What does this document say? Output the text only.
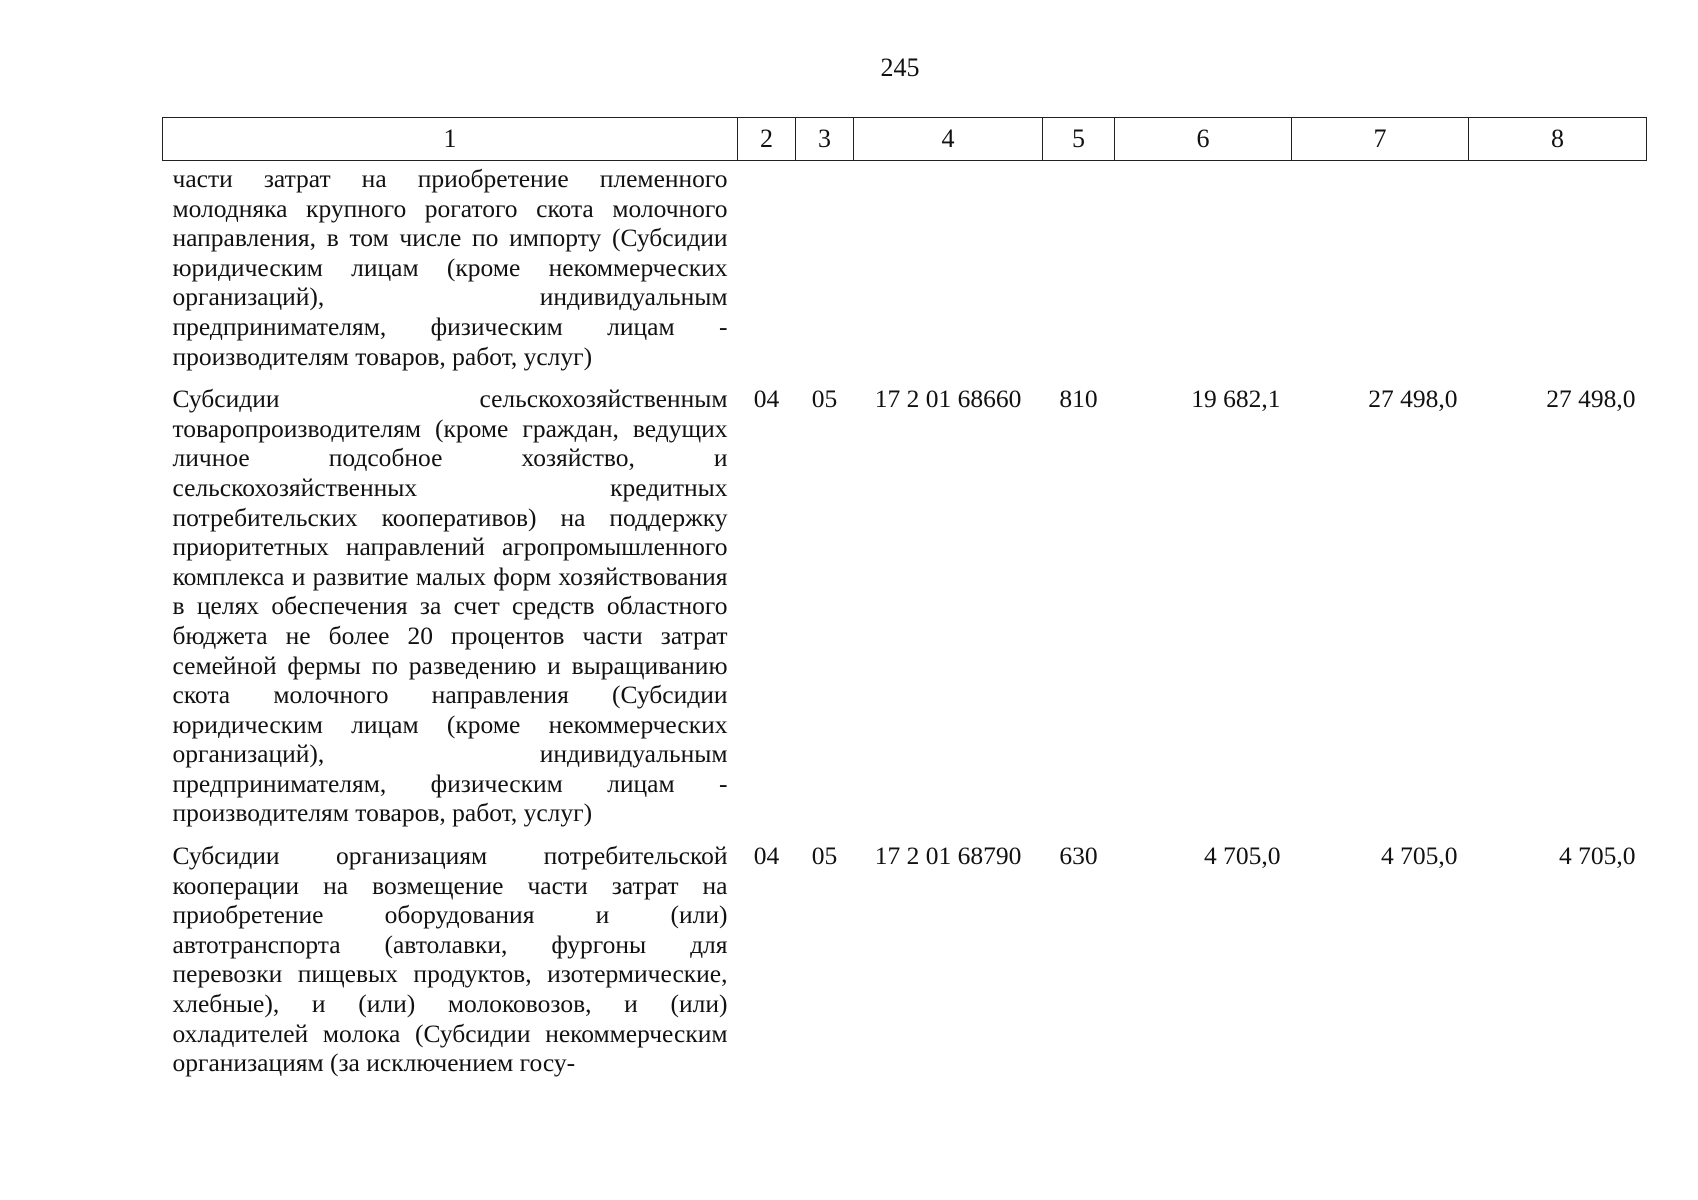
245
1	2	3	4	5	6	7	8

части затрат на приобретение племенного молодняка крупного рогатого скота молочного направления, в том числе по импорту (Субсидии юридическим лицам (кроме некоммерческих организаций), индивидуальным предпринимателям, физическим лицам - производителям товаров, работ, услуг)							

Субсидии сельскохозяйственным товаропроизводителям (кроме граждан, ведущих личное подсобное хозяйство, и сельскохозяйственных кредитных потребительских кооперативов) на поддержку приоритетных направлений агропромышленного комплекса и развитие малых форм хозяйствования в целях обеспечения за счет средств областного бюджета не более 20 процентов части затрат семейной фермы по разведению и выращиванию скота молочного направления (Субсидии юридическим лицам (кроме некоммерческих организаций), индивидуальным предпринимателям, физическим лицам - производителям товаров, работ, услуг)	04	05	17 2 01 68660	810	19 682,1	27 498,0	27 498,0

Субсидии организациям потребительской кооперации на возмещение части затрат на приобретение оборудования и (или) автотранспорта (автолавки, фургоны для перевозки пищевых продуктов, изотермические, хлебные), и (или) молоковозов, и (или) охладителей молока (Субсидии некоммерческим организациям (за исключением госу-	04	05	17 2 01 68790	630	4 705,0	4 705,0	4 705,0
